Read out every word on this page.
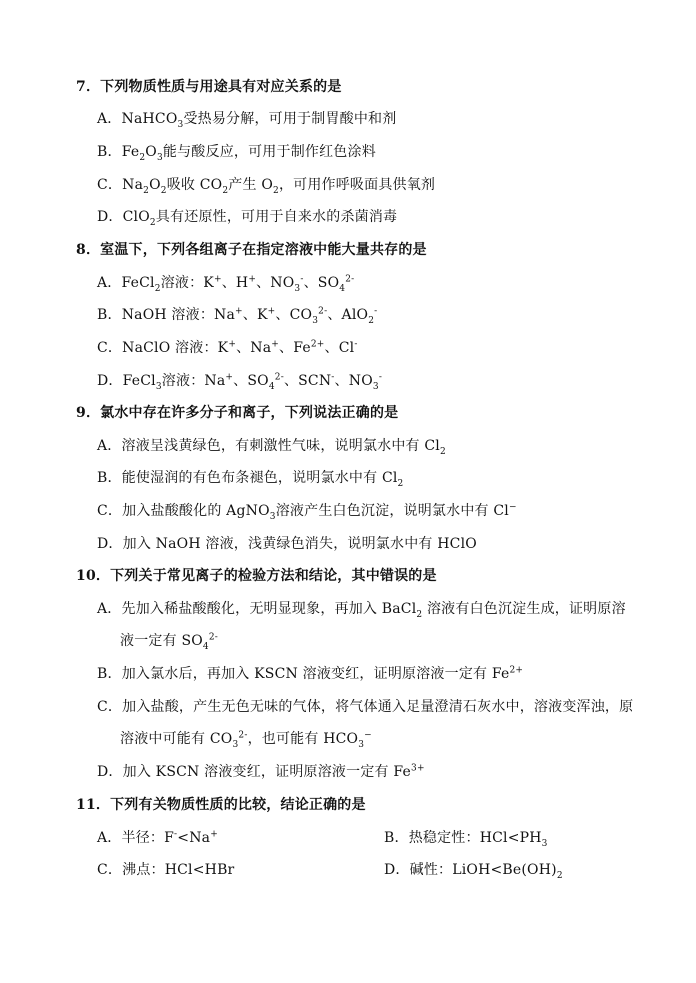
7．下列物质性质与用途具有对应关系的是
A．NaHCO$_3$受热易分解，可用于制胃酸中和剂
B．$Fe_2O_3$能与酸反应，可用于制作红色涂料
C．$Na_2O_2$吸收 $CO_2$产生 $O_2$，可用作呼吸面具供氧剂
D．ClO$_2$具有还原性，可用于自来水的杀菌消毒
8．室温下，下列各组离子在指定溶液中能大量共存的是
A．FeCl$_2$溶液：K+、H+、$NO_3^-$、$SO_4^{2-}$
B．NaOH 溶液：Na+、K+、$CO_3^{2-}$、AlO$_2$-
C．NaClO 溶液：K+、Na+、$Fe^{2+}$、Cl-
D．FeCl$_3$溶液：Na+、$SO_4^{2-}$、SCN-、$NO_3^-$
9．氯水中存在许多分子和离子，下列说法正确的是
A．溶液呈浅黄绿色，有刺激性气味，说明氯水中有 $Cl_2$
B．能使湿润的有色布条褪色，说明氯水中有 $Cl_2$
C．加入盐酸酸化的 AgNO$_3$溶液产生白色沉淀，说明氯水中有 Cl−
D．加入 NaOH 溶液，浅黄绿色消失，说明氯水中有 HClO
10．下列关于常见离子的检验方法和结论，其中错误的是
A．先加入稀盐酸酸化，无明显现象，再加入 BaCl$_2$ 溶液有白色沉淀生成，证明原溶
液一定有 $SO_4^{2-}$
B．加入氯水后，再加入 KSCN 溶液变红，证明原溶液一定有 $Fe^{2+}$
C．加入盐酸，产生无色无味的气体，将气体通入足量澄清石灰水中，溶液变浑浊，原
溶液中可能有 $CO_3^{2-}$，也可能有 $HCO_3^-$
D．加入 KSCN 溶液变红，证明原溶液一定有 $Fe^{3+}$
11．下列有关物质性质的比较，结论正确的是
A．半径：F-<Na+	B．热稳定性：$HCl<PH_3$
C．沸点：HCl<HBr	D．碱性：$LiOH<Be(OH)_2$
